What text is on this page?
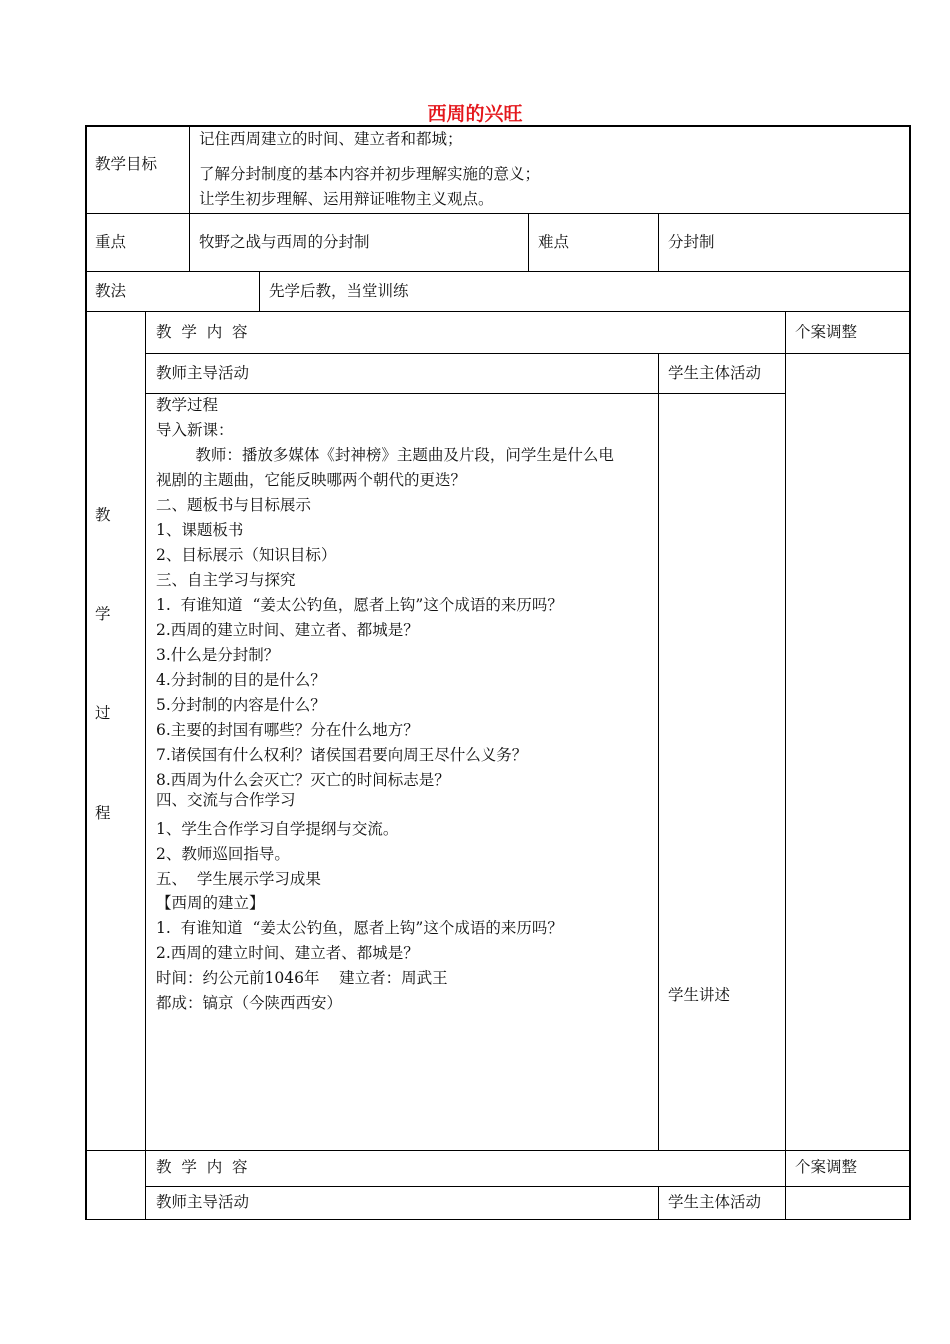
西周的兴旺
教学目标
记住西周建立的时间、建立者和都城；
了解分封制度的基本内容并初步理解实施的意义；
让学生初步理解、运用辩证唯物主义观点。
重点	牧野之战与西周的分封制	难点	分封制
教法	先学后教，当堂训练
教
学
过
程
教  学  内  容	个案调整
教师主导活动	学生主体活动
教学过程
导入新课：
教师：播放多媒体《封神榜》主题曲及片段，问学生是什么电
视剧的主题曲，它能反映哪两个朝代的更迭？
二、题板书与目标展示
1、课题板书
2、目标展示（知识目标）
三、自主学习与探究
1.  有谁知道  “姜太公钓鱼，愿者上钩”这个成语的来历吗？
2.西周的建立时间、建立者、都城是？
3.什么是分封制？
4.分封制的目的是什么？
5.分封制的内容是什么？
6.主要的封国有哪些？分在什么地方？
7.诸侯国有什么权利？诸侯国君要向周王尽什么义务？
8.西周为什么会灭亡？灭亡的时间标志是？
四、交流与合作学习
1、学生合作学习自学提纲与交流。
2、教师巡回指导。
五、  学生展示学习成果
【西周的建立】
1.  有谁知道  “姜太公钓鱼，愿者上钩”这个成语的来历吗？
2.西周的建立时间、建立者、都城是？
时间：约公元前1046年    建立者：周武王
都成：镐京（今陕西西安）	学生讲述
教  学  内  容	个案调整
教师主导活动	学生主体活动
